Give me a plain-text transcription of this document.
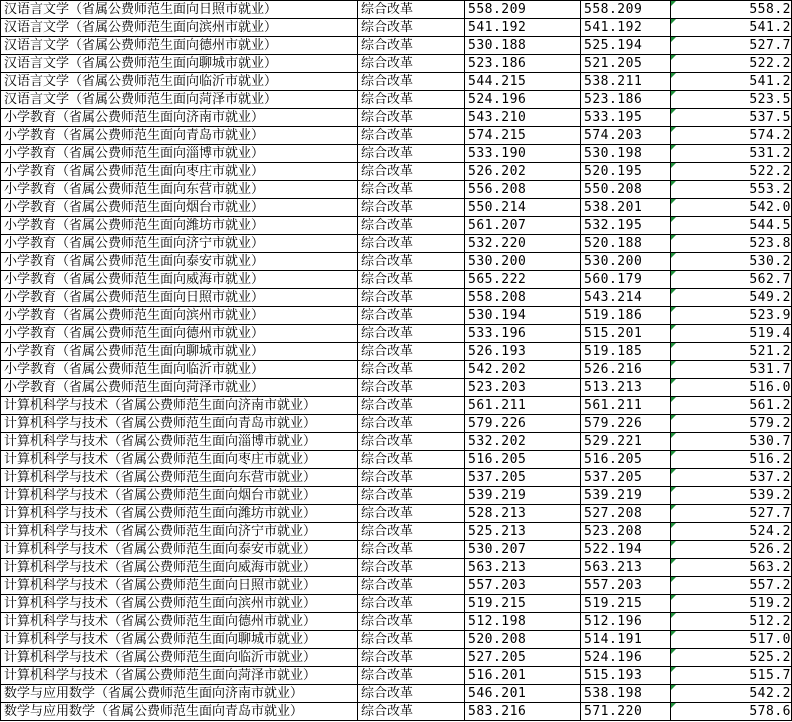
汉语言文学（省属公费师范生面向日照市就业）	综合改革	558.209	558.209	558.2
汉语言文学（省属公费师范生面向滨州市就业）	综合改革	541.192	541.192	541.2
汉语言文学（省属公费师范生面向德州市就业）	综合改革	530.188	525.194	527.7
汉语言文学（省属公费师范生面向聊城市就业）	综合改革	523.186	521.205	522.2
汉语言文学（省属公费师范生面向临沂市就业）	综合改革	544.215	538.211	541.2
汉语言文学（省属公费师范生面向菏泽市就业）	综合改革	524.196	523.186	523.5
小学教育（省属公费师范生面向济南市就业）	综合改革	543.210	533.195	537.5
小学教育（省属公费师范生面向青岛市就业）	综合改革	574.215	574.203	574.2
小学教育（省属公费师范生面向淄博市就业）	综合改革	533.190	530.198	531.2
小学教育（省属公费师范生面向枣庄市就业）	综合改革	526.202	520.195	522.2
小学教育（省属公费师范生面向东营市就业）	综合改革	556.208	550.208	553.2
小学教育（省属公费师范生面向烟台市就业）	综合改革	550.214	538.201	542.0
小学教育（省属公费师范生面向潍坊市就业）	综合改革	561.207	532.195	544.5
小学教育（省属公费师范生面向济宁市就业）	综合改革	532.220	520.188	523.8
小学教育（省属公费师范生面向泰安市就业）	综合改革	530.200	530.200	530.2
小学教育（省属公费师范生面向威海市就业）	综合改革	565.222	560.179	562.7
小学教育（省属公费师范生面向日照市就业）	综合改革	558.208	543.214	549.2
小学教育（省属公费师范生面向滨州市就业）	综合改革	530.194	519.186	523.9
小学教育（省属公费师范生面向德州市就业）	综合改革	533.196	515.201	519.4
小学教育（省属公费师范生面向聊城市就业）	综合改革	526.193	519.185	521.2
小学教育（省属公费师范生面向临沂市就业）	综合改革	542.202	526.216	531.7
小学教育（省属公费师范生面向菏泽市就业）	综合改革	523.203	513.213	516.0
计算机科学与技术（省属公费师范生面向济南市就业）	综合改革	561.211	561.211	561.2
计算机科学与技术（省属公费师范生面向青岛市就业）	综合改革	579.226	579.226	579.2
计算机科学与技术（省属公费师范生面向淄博市就业）	综合改革	532.202	529.221	530.7
计算机科学与技术（省属公费师范生面向枣庄市就业）	综合改革	516.205	516.205	516.2
计算机科学与技术（省属公费师范生面向东营市就业）	综合改革	537.205	537.205	537.2
计算机科学与技术（省属公费师范生面向烟台市就业）	综合改革	539.219	539.219	539.2
计算机科学与技术（省属公费师范生面向潍坊市就业）	综合改革	528.213	527.208	527.7
计算机科学与技术（省属公费师范生面向济宁市就业）	综合改革	525.213	523.208	524.2
计算机科学与技术（省属公费师范生面向泰安市就业）	综合改革	530.207	522.194	526.2
计算机科学与技术（省属公费师范生面向威海市就业）	综合改革	563.213	563.213	563.2
计算机科学与技术（省属公费师范生面向日照市就业）	综合改革	557.203	557.203	557.2
计算机科学与技术（省属公费师范生面向滨州市就业）	综合改革	519.215	519.215	519.2
计算机科学与技术（省属公费师范生面向德州市就业）	综合改革	512.198	512.196	512.2
计算机科学与技术（省属公费师范生面向聊城市就业）	综合改革	520.208	514.191	517.0
计算机科学与技术（省属公费师范生面向临沂市就业）	综合改革	527.205	524.196	525.2
计算机科学与技术（省属公费师范生面向菏泽市就业）	综合改革	516.201	515.193	515.7
数学与应用数学（省属公费师范生面向济南市就业）	综合改革	546.201	538.198	542.2
数学与应用数学（省属公费师范生面向青岛市就业）	综合改革	583.216	571.220	578.6
